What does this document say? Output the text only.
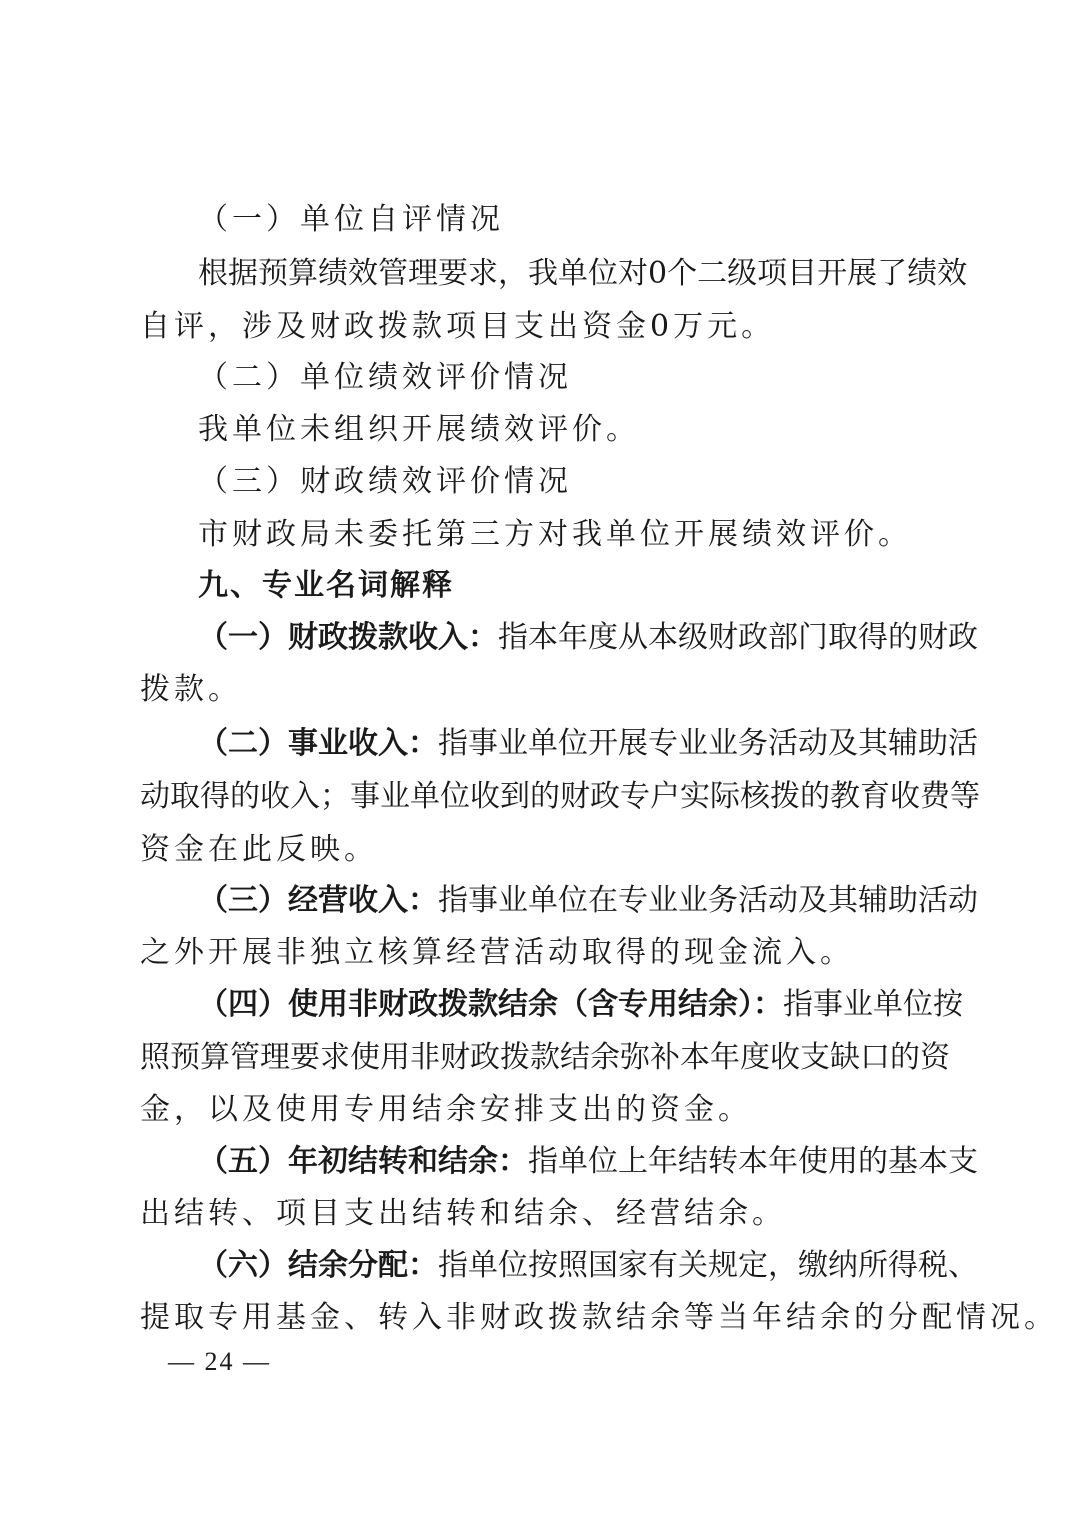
（一）单位自评情况
根据预算绩效管理要求，我单位对0个二级项目开展了绩效
自评，涉及财政拨款项目支出资金0万元。
（二）单位绩效评价情况
我单位未组织开展绩效评价。
（三）财政绩效评价情况
市财政局未委托第三方对我单位开展绩效评价。
九、专业名词解释
（一）财政拨款收入：指本年度从本级财政部门取得的财政
拨款。
（二）事业收入：指事业单位开展专业业务活动及其辅助活
动取得的收入；事业单位收到的财政专户实际核拨的教育收费等
资金在此反映。
（三）经营收入：指事业单位在专业业务活动及其辅助活动
之外开展非独立核算经营活动取得的现金流入。
（四）使用非财政拨款结余（含专用结余）：指事业单位按
照预算管理要求使用非财政拨款结余弥补本年度收支缺口的资
金，以及使用专用结余安排支出的资金。
（五）年初结转和结余：指单位上年结转本年使用的基本支
出结转、项目支出结转和结余、经营结余。
（六）结余分配：指单位按照国家有关规定，缴纳所得税、
提取专用基金、转入非财政拨款结余等当年结余的分配情况。
— 24 —
